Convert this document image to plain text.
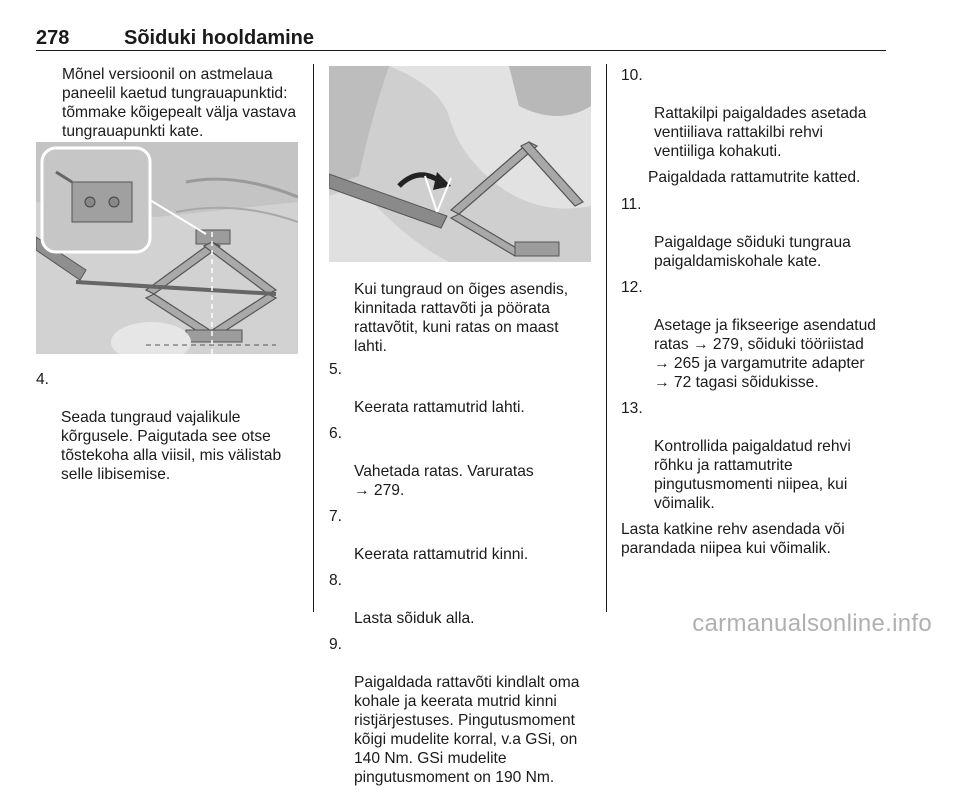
278	Sõiduki hooldamine

Mõnel versioonil on astmelaua
paneelil kaetud tungrauapunktid:
tõmmake kõigepealt välja vastava
tungrauapunkti kate.

4.

Seada tungraud vajalikule
kõrgusele. Paigutada see otse
tõstekoha alla viisil, mis välistab
selle libisemise.

Kui tungraud on õiges asendis,
kinnitada rattavõti ja pöörata
rattavõtit, kuni ratas on maast
lahti.

5.

Keerata rattamutrid lahti.

6.

Vahetada ratas. Varuratas
→ 279.

7.

Keerata rattamutrid kinni.

8.

Lasta sõiduk alla.

9.

Paigaldada rattavõti kindlalt oma
kohale ja keerata mutrid kinni
ristjärjestuses. Pingutusmoment
kõigi mudelite korral, v.a GSi, on
140 Nm. GSi mudelite
pingutusmoment on 190 Nm.

10.

Rattakilpi paigaldades asetada
ventiiliava rattakilbi rehvi
ventiiliga kohakuti.

Paigaldada rattamutrite katted.

11.

Paigaldage sõiduki tungraua
paigaldamiskohale kate.

12.

Asetage ja fikseerige asendatud
ratas → 279, sõiduki tööriistad
→ 265 ja vargamutrite adapter
→ 72 tagasi sõidukisse.

13.

Kontrollida paigaldatud rehvi
rõhku ja rattamutrite
pingutusmomenti niipea, kui
võimalik.

Lasta katkine rehv asendada või
parandada niipea kui võimalik.

carmanualsonline.info
